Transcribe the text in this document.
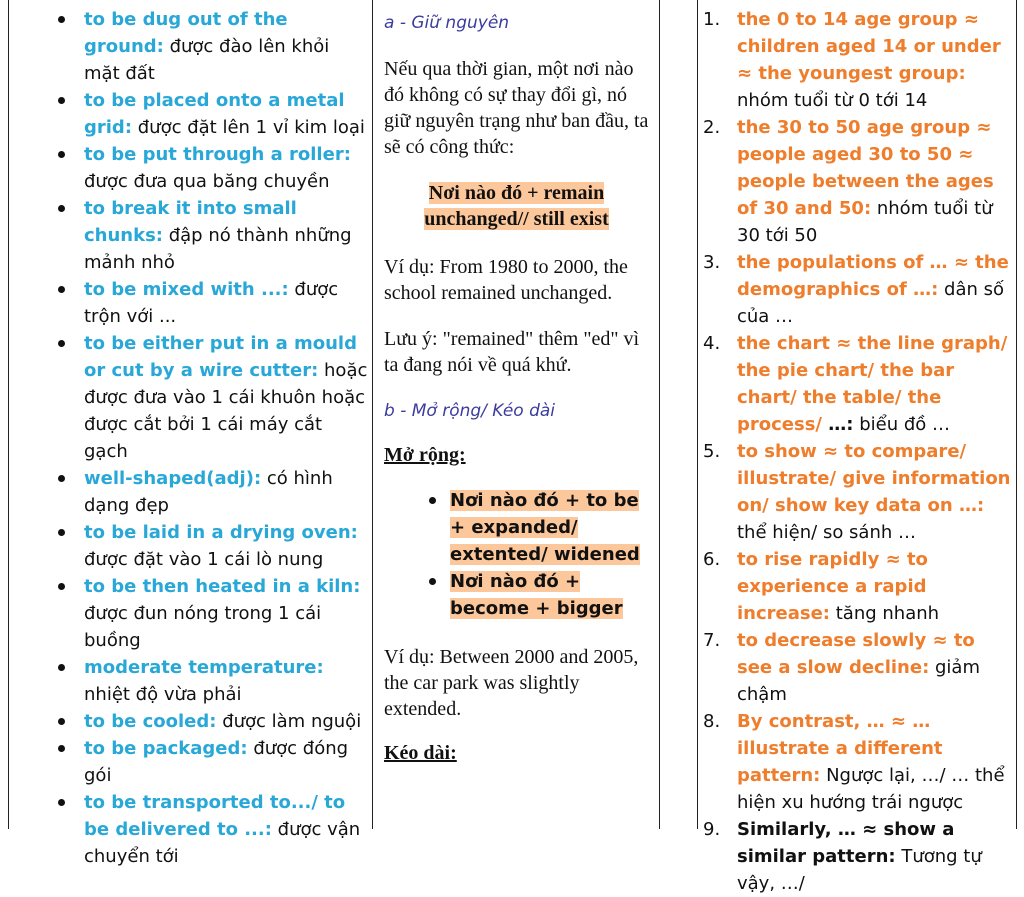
to be dug out of the ground: được đào lên khỏi mặt đất
to be placed onto a metal grid: được đặt lên 1 vỉ kim loại
to be put through a roller: được đưa qua băng chuyền
to break it into small chunks: đập nó thành những mảnh nhỏ
to be mixed with ...: được trộn với ...
to be either put in a mould or cut by a wire cutter: hoặc được đưa vào 1 cái khuôn hoặc được cắt bởi 1 cái máy cắt gạch
well-shaped(adj): có hình dạng đẹp
to be laid in a drying oven: được đặt vào 1 cái lò nung
to be then heated in a kiln: được đun nóng trong 1 cái buồng
moderate temperature: nhiệt độ vừa phải
to be cooled: được làm nguội
to be packaged: được đóng gói
to be transported to.../ to be delivered to ...: được vận chuyển tới

a - Giữ nguyên

Nếu qua thời gian, một nơi nào đó không có sự thay đổi gì, nó giữ nguyên trạng như ban đầu, ta sẽ có công thức:

Nơi nào đó + remain
unchanged// still exist

Ví dụ: From 1980 to 2000, the school remained unchanged.

Lưu ý: "remained" thêm "ed" vì ta đang nói về quá khứ.

b - Mở rộng/ Kéo dài

Mở rộng:

Nơi nào đó + to be + expanded/ extented/ widened
Nơi nào đó + become + bigger

Ví dụ: Between 2000 and 2005, the car park was slightly extended.

Kéo dài:

1. the 0 to 14 age group ≈ children aged 14 or under ≈ the youngest group: nhóm tuổi từ 0 tới 14
2. the 30 to 50 age group ≈ people aged 30 to 50 ≈ people between the ages of 30 and 50: nhóm tuổi từ 30 tới 50
3. the populations of … ≈ the demographics of …: dân số của …
4. the chart ≈ the line graph/ the pie chart/ the bar chart/ the table/ the process/ …: biểu đồ …
5. to show ≈ to compare/ illustrate/ give information on/ show key data on …: thể hiện/ so sánh …
6. to rise rapidly ≈ to experience a rapid increase: tăng nhanh
7. to decrease slowly ≈ to see a slow decline: giảm chậm
8. By contrast, … ≈ … illustrate a different pattern: Ngược lại, …/ … thể hiện xu hướng trái ngược
9. Similarly, … ≈ show a similar pattern: Tương tự vậy, …/
